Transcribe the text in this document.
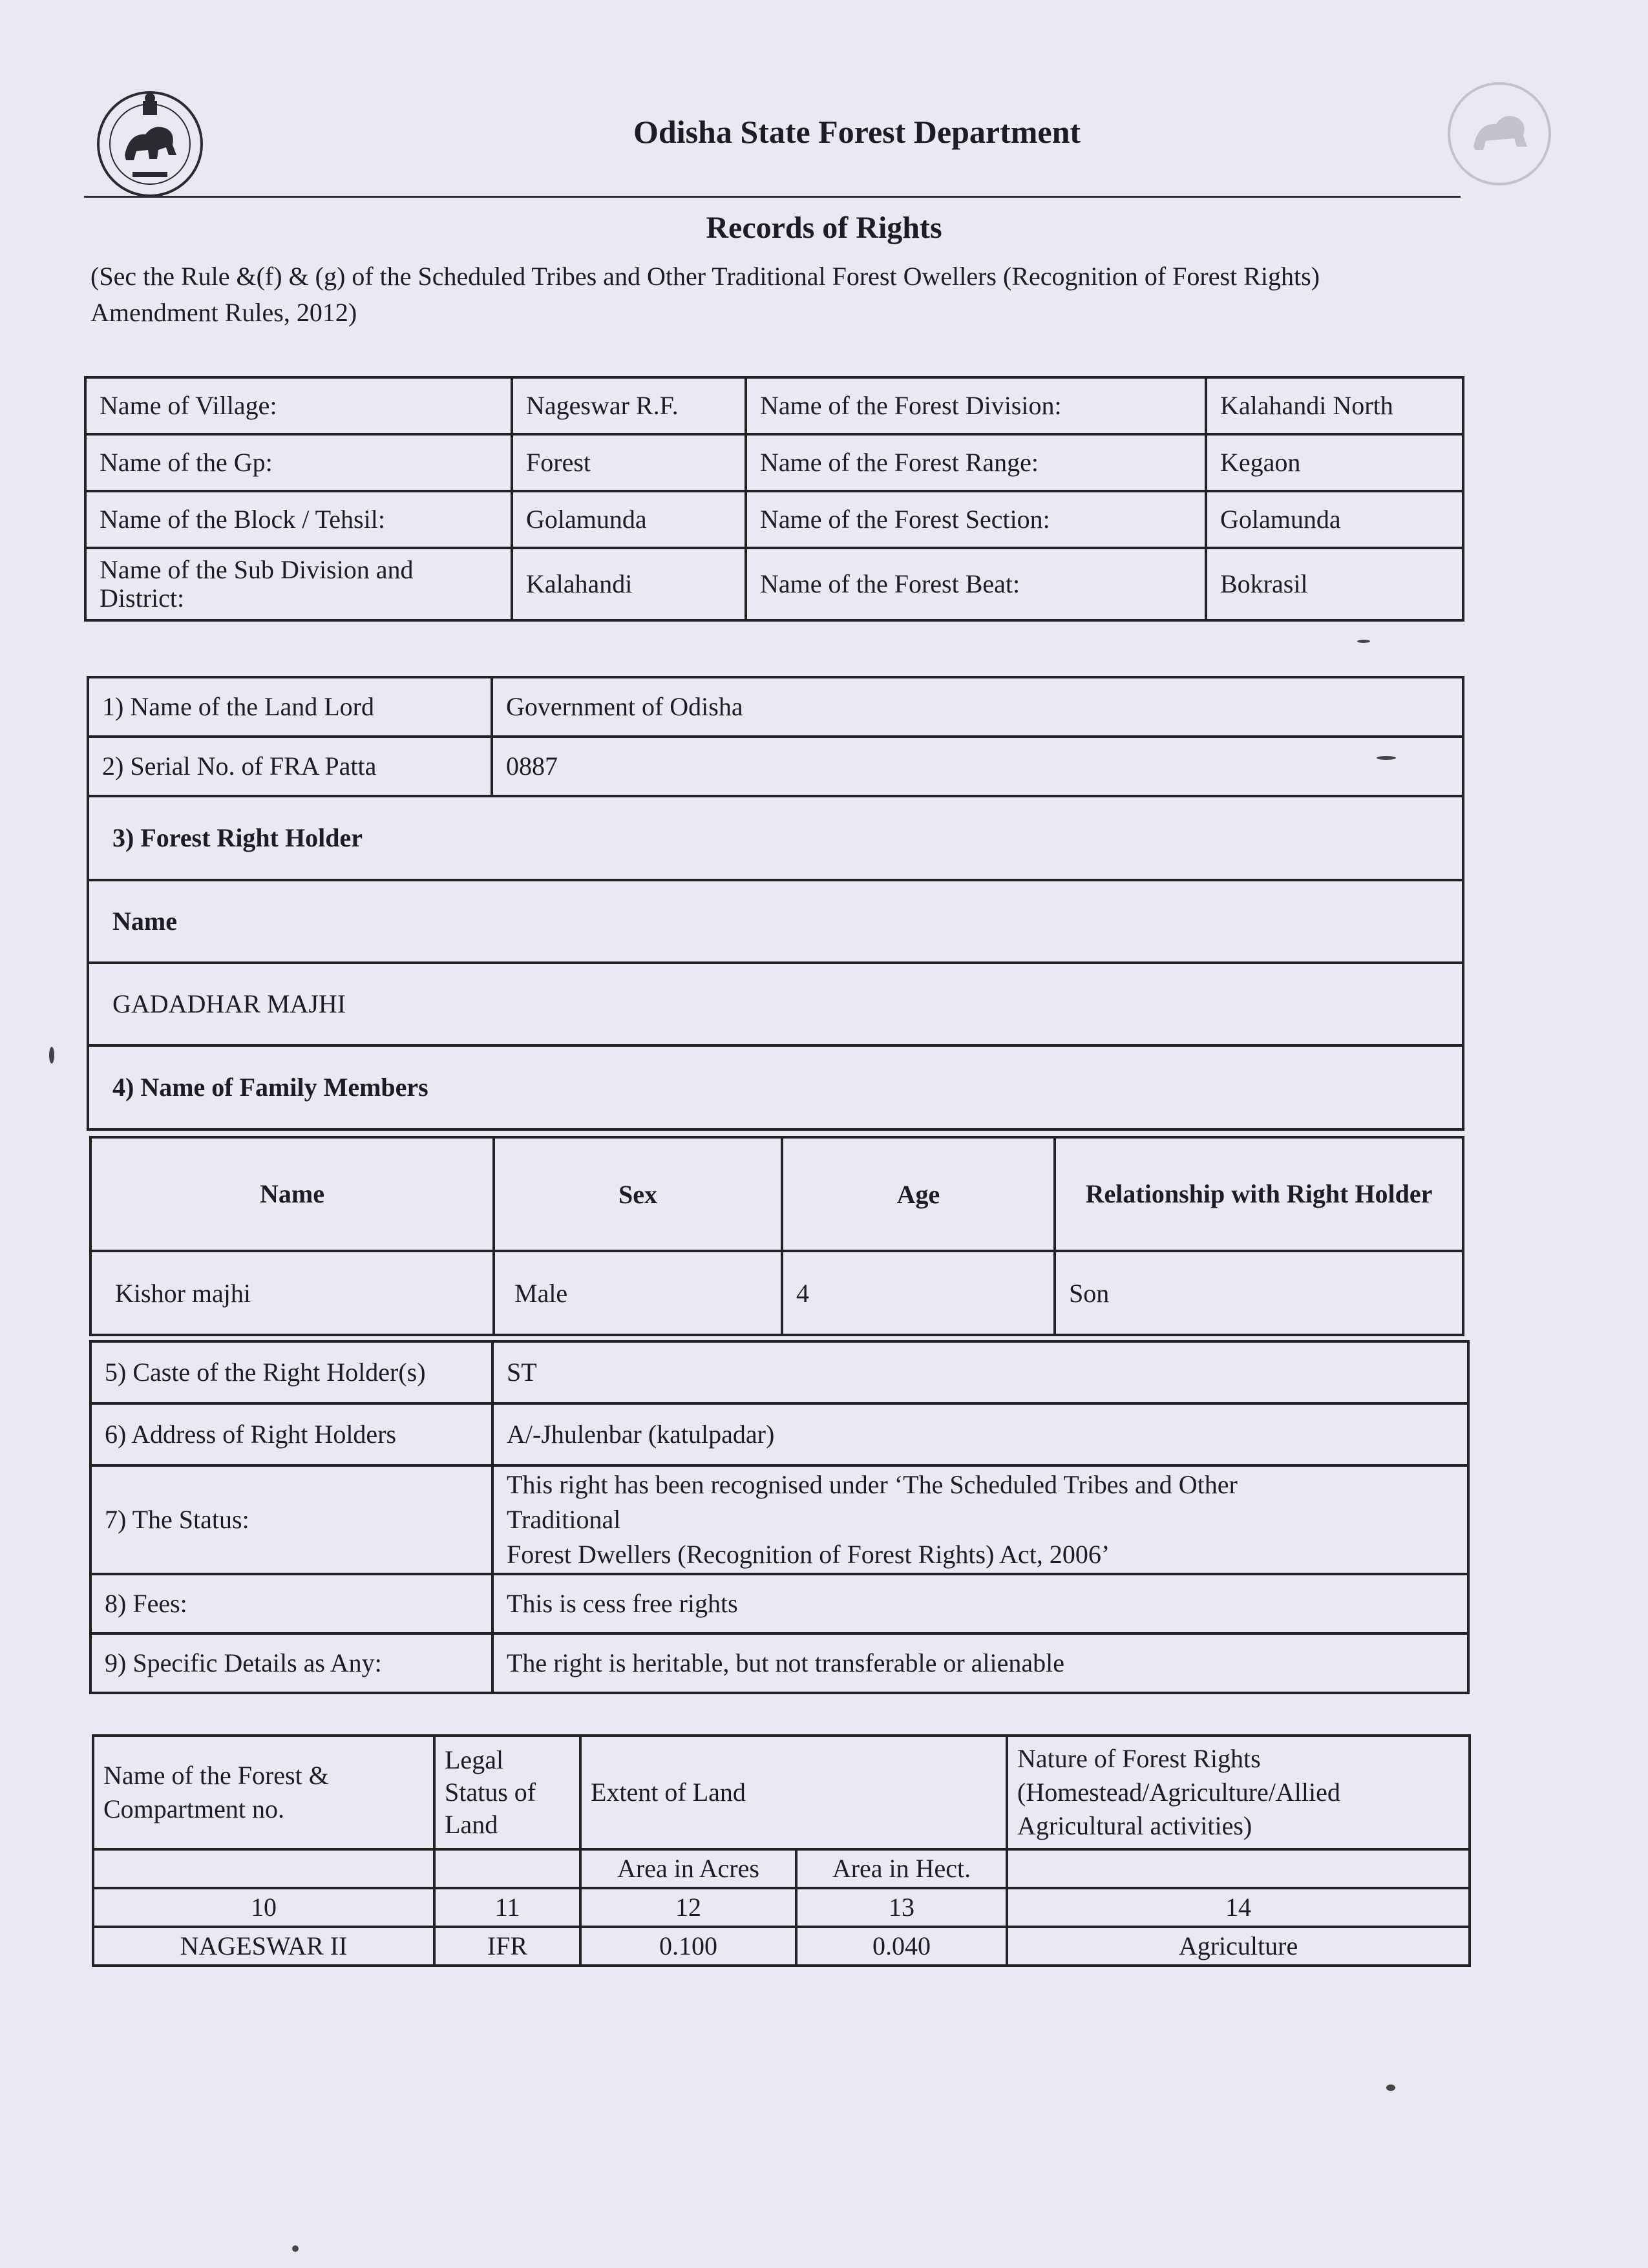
Odisha State Forest Department
Records of Rights
(Sec the Rule &(f) & (g) of the Scheduled Tribes and Other Traditional Forest Owellers (Recognition of Forest Rights) Amendment Rules, 2012)
Name of Village:	Nageswar R.F.	Name of the Forest Division:	Kalahandi North
Name of the Gp:	Forest	Name of the Forest Range:	Kegaon
Name of the Block / Tehsil:	Golamunda	Name of the Forest Section:	Golamunda
Name of the Sub Division and District:	Kalahandi	Name of the Forest Beat:	Bokrasil
1) Name of the Land Lord	Government of Odisha
2) Serial No. of FRA Patta	0887
3) Forest Right Holder	
Name	
GADADHAR MAJHI	
4) Name of Family Members	
Name	Sex	Age	Relationship with Right Holder
Kishor majhi	Male	4	Son
5) Caste of the Right Holder(s)	ST
6) Address of Right Holders	A/-Jhulenbar (katulpadar)
7) The Status:	This right has been recognised under ‘The Scheduled Tribes and Other
Traditional
Forest Dwellers (Recognition of Forest Rights) Act, 2006’

8) Fees:	This is cess free rights
9) Specific Details as Any:	The right is heritable, but not transferable or alienable
Name of the Forest & Compartment no.	Legal Status of Land	Extent of Land		Nature of Forest Rights (Homestead/Agriculture/Allied Agricultural activities)
		Area in Acres	Area in Hect.	
10	11	12	13	14
NAGESWAR II	IFR	0.100	0.040	Agriculture
